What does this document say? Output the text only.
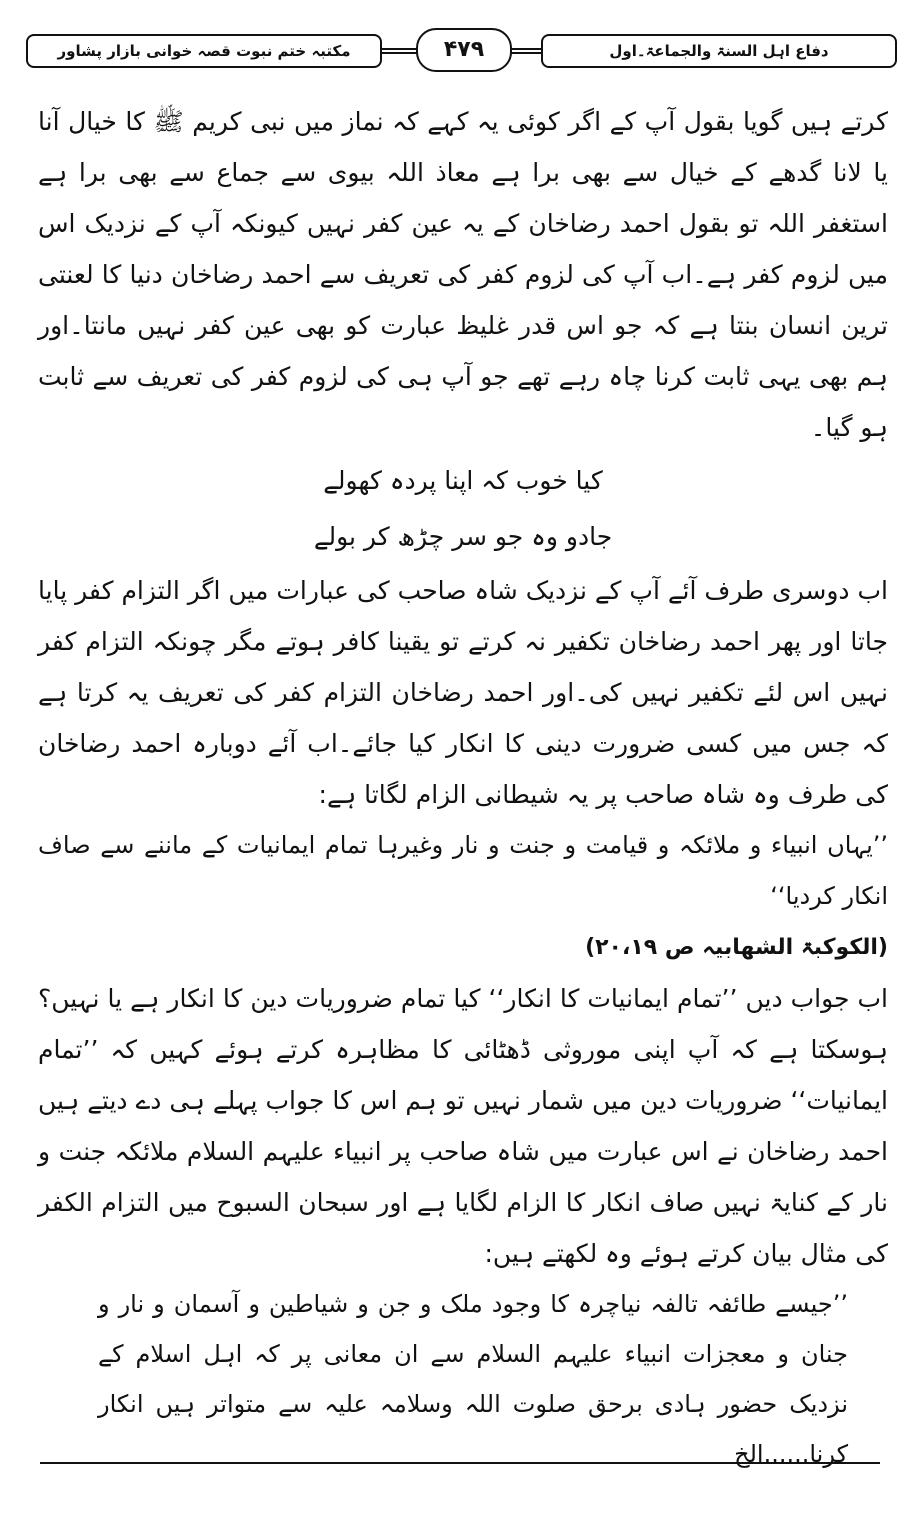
دفاع اہل السنۃ والجماعۃ۔اول
۴۷۹
مکتبہ ختم نبوت قصہ خوانی بازار پشاور

کرتے ہیں گویا بقول آپ کے اگر کوئی یہ کہے کہ نماز میں نبی کریم ﷺ کا خیال آنا یا لانا گدھے کے خیال سے بھی برا ہے معاذ اللہ بیوی سے جماع سے بھی برا ہے استغفر اللہ تو بقول احمد رضاخان کے یہ عین کفر نہیں کیونکہ آپ کے نزدیک اس میں لزوم کفر ہے۔اب آپ کی لزوم کفر کی تعریف سے احمد رضاخان دنیا کا لعنتی ترین انسان بنتا ہے کہ جو اس قدر غلیظ عبارت کو بھی عین کفر نہیں مانتا۔اور ہم بھی یہی ثابت کرنا چاہ رہے تھے جو آپ ہی کی لزوم کفر کی تعریف سے ثابت ہو گیا۔

کیا خوب کہ اپنا پردہ کھولے

جادو وہ جو سر چڑھ کر بولے

اب دوسری طرف آئے آپ کے نزدیک شاہ صاحب کی عبارات میں اگر التزام کفر پایا جاتا اور پھر احمد رضاخان تکفیر نہ کرتے تو یقینا کافر ہوتے مگر چونکہ التزام کفر نہیں اس لئے تکفیر نہیں کی۔اور احمد رضاخان التزام کفر کی تعریف یہ کرتا ہے کہ جس میں کسی ضرورت دینی کا انکار کیا جائے۔اب آئے دوبارہ احمد رضاخان کی طرف وہ شاہ صاحب پر یہ شیطانی الزام لگاتا ہے:

’’یہاں انبیاء و ملائکہ و قیامت و جنت و نار وغیرہا تمام ایمانیات کے ماننے سے صاف انکار کردیا‘‘

(الکوکبۃ الشھابیہ ص ۲۰،۱۹)

اب جواب دیں ’’تمام ایمانیات کا انکار‘‘ کیا تمام ضروریات دین کا انکار ہے یا نہیں؟ ہوسکتا ہے کہ آپ اپنی موروثی ڈھٹائی کا مظاہرہ کرتے ہوئے کہیں کہ ’’تمام ایمانیات‘‘ ضروریات دین میں شمار نہیں تو ہم اس کا جواب پہلے ہی دے دیتے ہیں احمد رضاخان نے اس عبارت میں شاہ صاحب پر انبیاء علیہم السلام ملائکہ جنت و نار کے کنایۃ نہیں صاف انکار کا الزام لگایا ہے اور سبحان السبوح میں التزام الکفر کی مثال بیان کرتے ہوئے وہ لکھتے ہیں:

’’جیسے طائفہ تالفہ نیاچرہ کا وجود ملک و جن و شیاطین و آسمان و نار و جنان و معجزات انبیاء علیہم السلام سے ان معانی پر کہ اہل اسلام کے نزدیک حضور ہادی برحق صلوت اللہ وسلامہ علیہ سے متواتر ہیں انکار کرنا......الخ
